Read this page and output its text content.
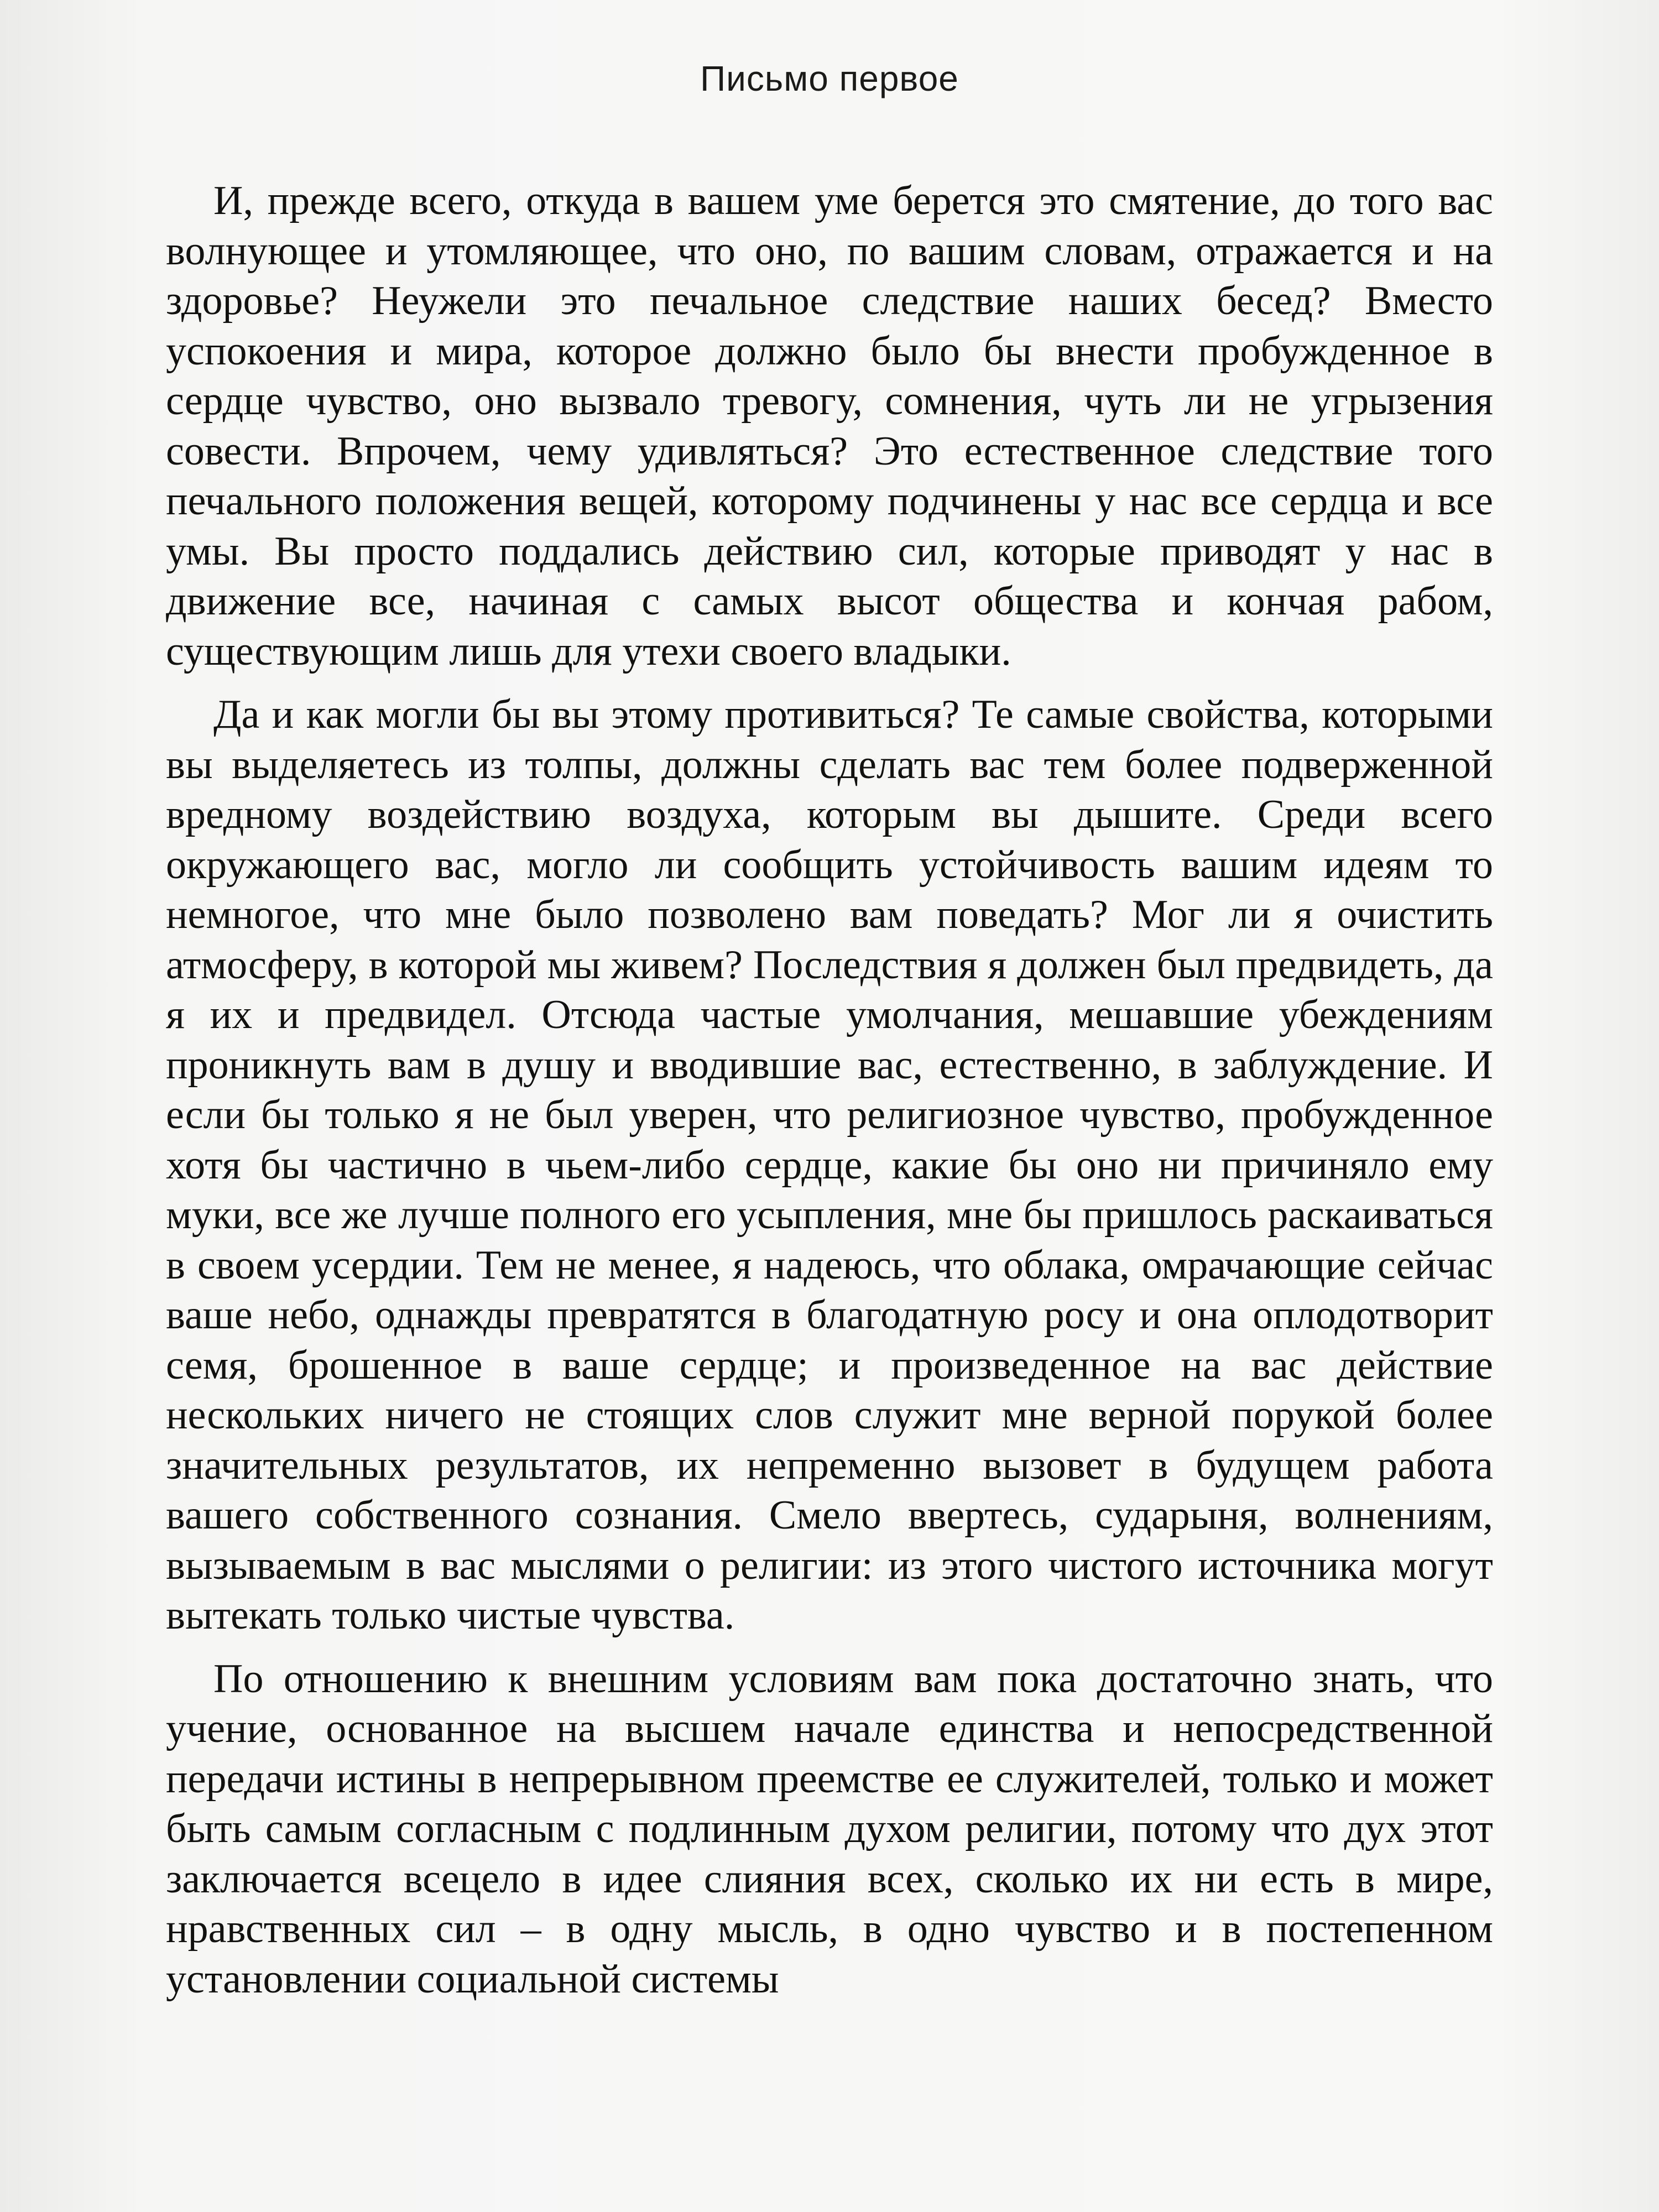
Письмо первое

И, прежде всего, откуда в вашем уме берется это смятение, до того вас волнующее и утомляющее, что оно, по вашим словам, отражается и на здоровье? Неужели это печальное следствие наших бесед? Вместо успокоения и мира, которое должно было бы внести пробужденное в сердце чувство, оно вызвало тревогу, сомнения, чуть ли не угрызения совести. Впрочем, чему удивляться? Это естественное следствие того печального положения вещей, которому подчинены у нас все сердца и все умы. Вы просто поддались действию сил, которые приводят у нас в движение все, начиная с самых высот общества и кончая рабом, существующим лишь для утехи своего владыки.

Да и как могли бы вы этому противиться? Те самые свойства, которыми вы выделяетесь из толпы, должны сделать вас тем более подверженной вредному воздействию воздуха, которым вы дышите. Среди всего окружающего вас, могло ли сообщить устойчивость вашим идеям то немногое, что мне было позволено вам поведать? Мог ли я очистить атмосферу, в которой мы живем? Последствия я должен был предвидеть, да я их и предвидел. Отсюда частые умолчания, мешавшие убеждениям проникнуть вам в душу и вводившие вас, естественно, в заблуждение. И если бы только я не был уверен, что религиозное чувство, пробужденное хотя бы частично в чьем-либо сердце, какие бы оно ни причиняло ему муки, все же лучше полного его усыпления, мне бы пришлось раскаиваться в своем усердии. Тем не менее, я надеюсь, что облака, омрачающие сейчас ваше небо, однажды превратятся в благодатную росу и она оплодотворит семя, брошенное в ваше сердце; и произведенное на вас действие нескольких ничего не стоящих слов служит мне верной порукой более значительных результатов, их непременно вызовет в будущем работа вашего собственного сознания. Смело ввертесь, сударыня, волнениям, вызываемым в вас мыслями о религии: из этого чистого источника могут вытекать только чистые чувства.

По отношению к внешним условиям вам пока достаточно знать, что учение, основанное на высшем начале единства и непосредственной передачи истины в непрерывном преемстве ее служителей, только и может быть самым согласным с подлинным духом религии, потому что дух этот заключается всецело в идее слияния всех, сколько их ни есть в мире, нравственных сил – в одну мысль, в одно чувство и в постепенном установлении социальной системы
